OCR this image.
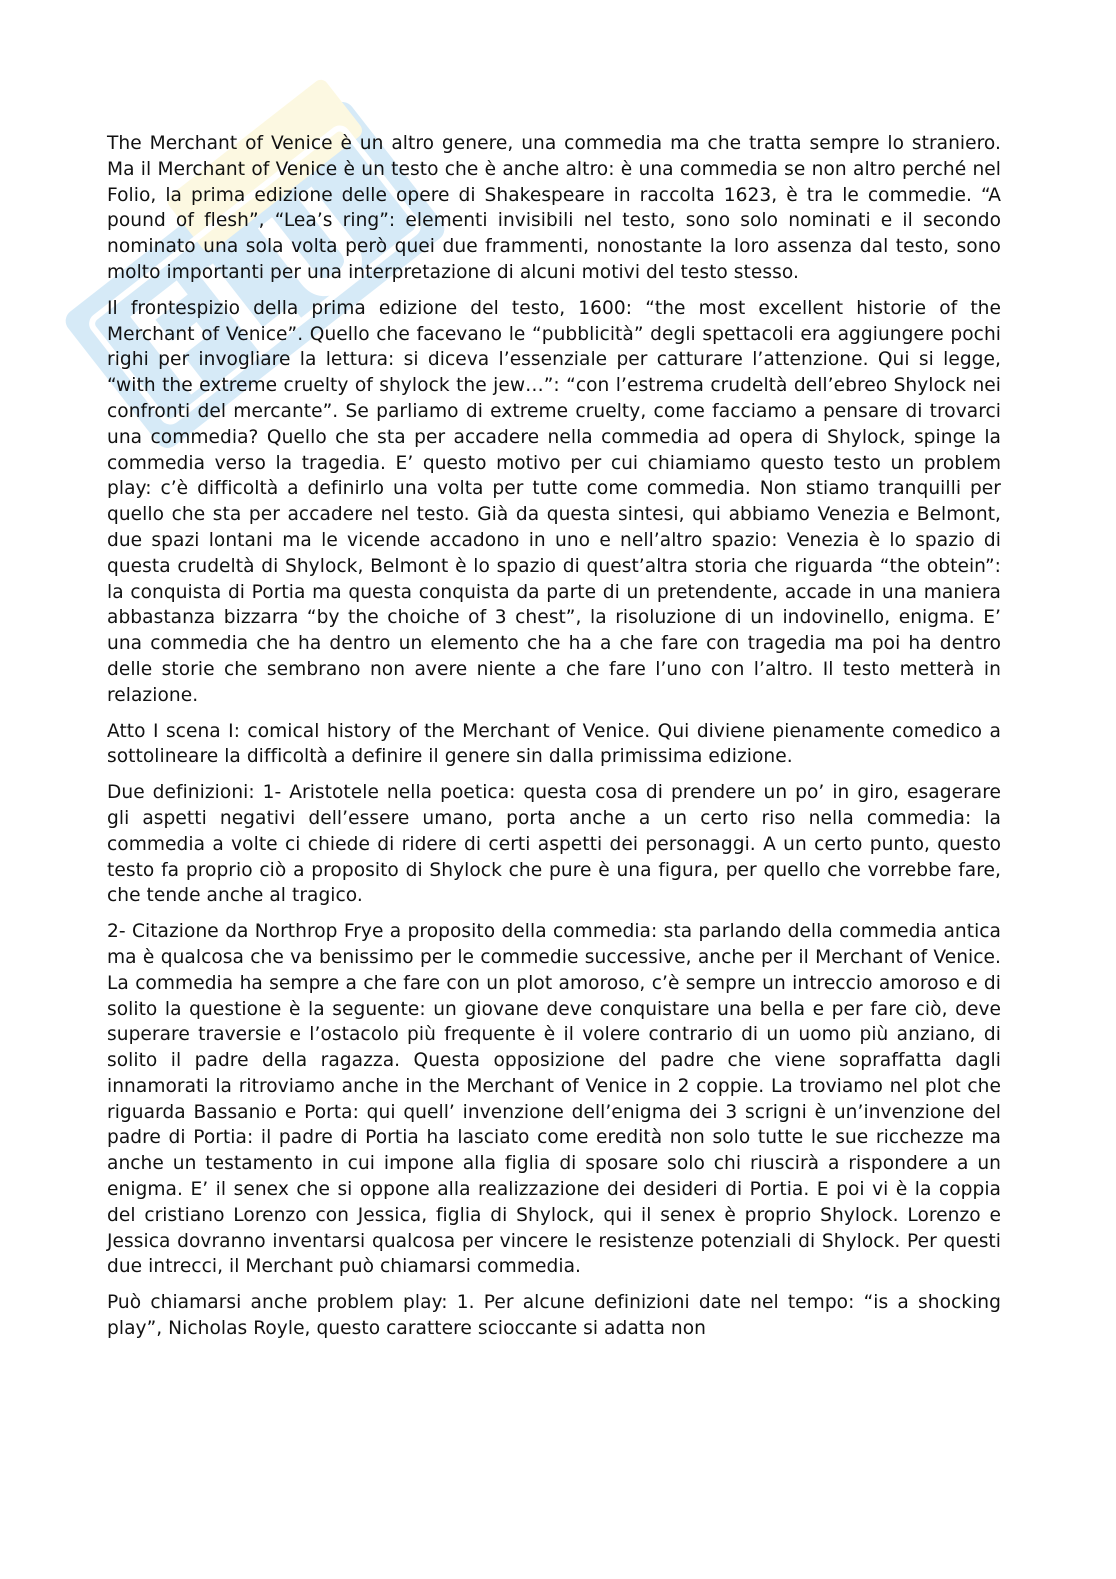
The Merchant of Venice è un altro genere, una commedia ma che tratta sempre lo straniero. Ma il Merchant of Venice è un testo che è anche altro: è una commedia se non altro perché nel Folio, la prima edizione delle opere di Shakespeare in raccolta 1623, è tra le commedie. “A pound of flesh”, “Lea’s ring”: elementi invisibili nel testo, sono solo nominati e il secondo nominato una sola volta però quei due frammenti, nonostante la loro assenza dal testo, sono molto importanti per una interpretazione di alcuni motivi del testo stesso.

Il frontespizio della prima edizione del testo, 1600: “the most excellent historie of the Merchant of Venice”. Quello che facevano le “pubblicità” degli spettacoli era aggiungere pochi righi per invogliare la lettura: si diceva l’essenziale per catturare l’attenzione. Qui si legge, “with the extreme cruelty of shylock the jew…”: “con l’estrema crudeltà dell’ebreo Shylock nei confronti del mercante”. Se parliamo di extreme cruelty, come facciamo a pensare di trovarci una commedia? Quello che sta per accadere nella commedia ad opera di Shylock, spinge la commedia verso la tragedia. E’ questo motivo per cui chiamiamo questo testo un problem play: c’è difficoltà a definirlo una volta per tutte come commedia. Non stiamo tranquilli per quello che sta per accadere nel testo. Già da questa sintesi, qui abbiamo Venezia e Belmont, due spazi lontani ma le vicende accadono in uno e nell’altro spazio: Venezia è lo spazio di questa crudeltà di Shylock, Belmont è lo spazio di quest’altra storia che riguarda “the obtein”: la conquista di Portia ma questa conquista da parte di un pretendente, accade in una maniera abbastanza bizzarra “by the choiche of 3 chest”, la risoluzione di un indovinello, enigma. E’ una commedia che ha dentro un elemento che ha a che fare con tragedia ma poi ha dentro delle storie che sembrano non avere niente a che fare l’uno con l’altro. Il testo metterà in relazione.

Atto I scena I: comical history of the Merchant of Venice. Qui diviene pienamente comedico a sottolineare la difficoltà a definire il genere sin dalla primissima edizione.

Due definizioni: 1- Aristotele nella poetica: questa cosa di prendere un po’ in giro, esagerare gli aspetti negativi dell’essere umano, porta anche a un certo riso nella commedia: la commedia a volte ci chiede di ridere di certi aspetti dei personaggi. A un certo punto, questo testo fa proprio ciò a proposito di Shylock che pure è una figura, per quello che vorrebbe fare, che tende anche al tragico.

2- Citazione da Northrop Frye a proposito della commedia: sta parlando della commedia antica ma è qualcosa che va benissimo per le commedie successive, anche per il Merchant of Venice. La commedia ha sempre a che fare con un plot amoroso, c’è sempre un intreccio amoroso e di solito la questione è la seguente: un giovane deve conquistare una bella e per fare ciò, deve superare traversie e l’ostacolo più frequente è il volere contrario di un uomo più anziano, di solito il padre della ragazza. Questa opposizione del padre che viene sopraffatta dagli innamorati la ritroviamo anche in the Merchant of Venice in 2 coppie. La troviamo nel plot che riguarda Bassanio e Porta: qui quell’ invenzione dell’enigma dei 3 scrigni è un’invenzione del padre di Portia: il padre di Portia ha lasciato come eredità non solo tutte le sue ricchezze ma anche un testamento in cui impone alla figlia di sposare solo chi riuscirà a rispondere a un enigma. E’ il senex che si oppone alla realizzazione dei desideri di Portia. E poi vi è la coppia del cristiano Lorenzo con Jessica, figlia di Shylock, qui il senex è proprio Shylock. Lorenzo e Jessica dovranno inventarsi qualcosa per vincere le resistenze potenziali di Shylock. Per questi due intrecci, il Merchant può chiamarsi commedia.

Può chiamarsi anche problem play: 1. Per alcune definizioni date nel tempo: “is a shocking play”, Nicholas Royle, questo carattere scioccante si adatta non
